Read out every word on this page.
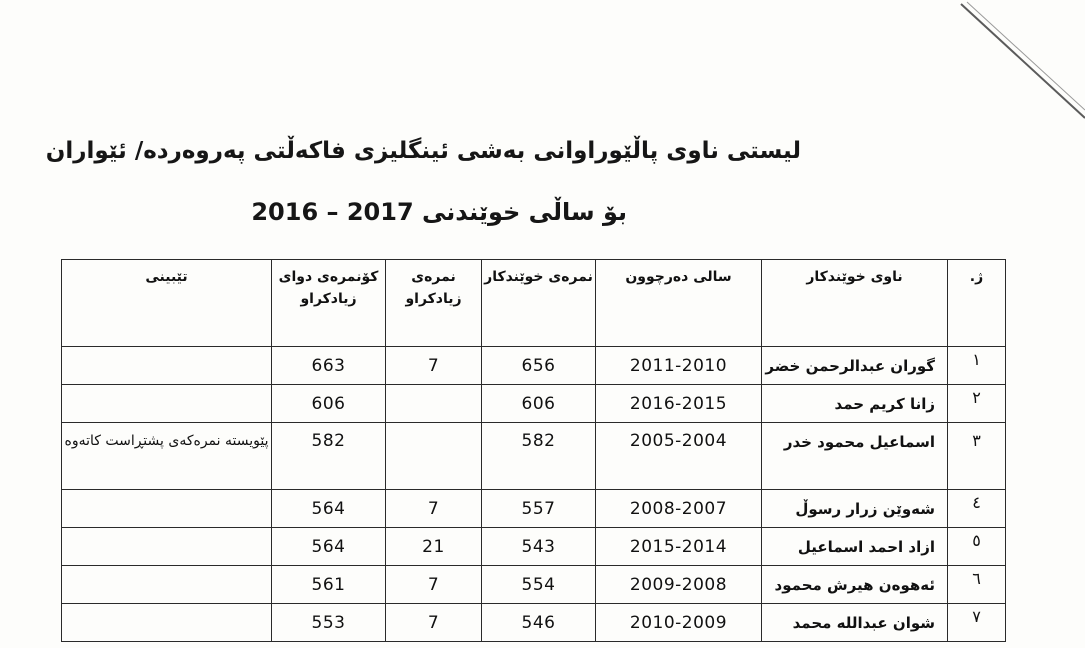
لیستی ناوی پاڵێوراوانی بەشی ئینگلیزی فاکەڵتی پەروەردە/ ئێواران
بۆ ساڵی خوێندنی 2017 – 2016
ژ.	ناوی خوێندکار	سالی دەرچوون	نمرەی خوێندکار	نمرەی زیادکراو	کۆنمرەی دوای زیادکراو	تێبینی
١	گوران عبدالرحمن خضر	2011-2010	656	7	663	
٢	زانا كريم حمد	2016-2015	606		606	
٣	اسماعيل محمود خدر	2005-2004	582		582	پێویستە نمرەکەی پشتڕاست کاتەوە
٤	شەوێن زرار رسوڵ	2008-2007	557	7	564	
٥	ازاد احمد اسماعيل	2015-2014	543	21	564	
٦	ئەهوەن هيرش محمود	2009-2008	554	7	561	
٧	شوان عبدالله محمد	2010-2009	546	7	553	
